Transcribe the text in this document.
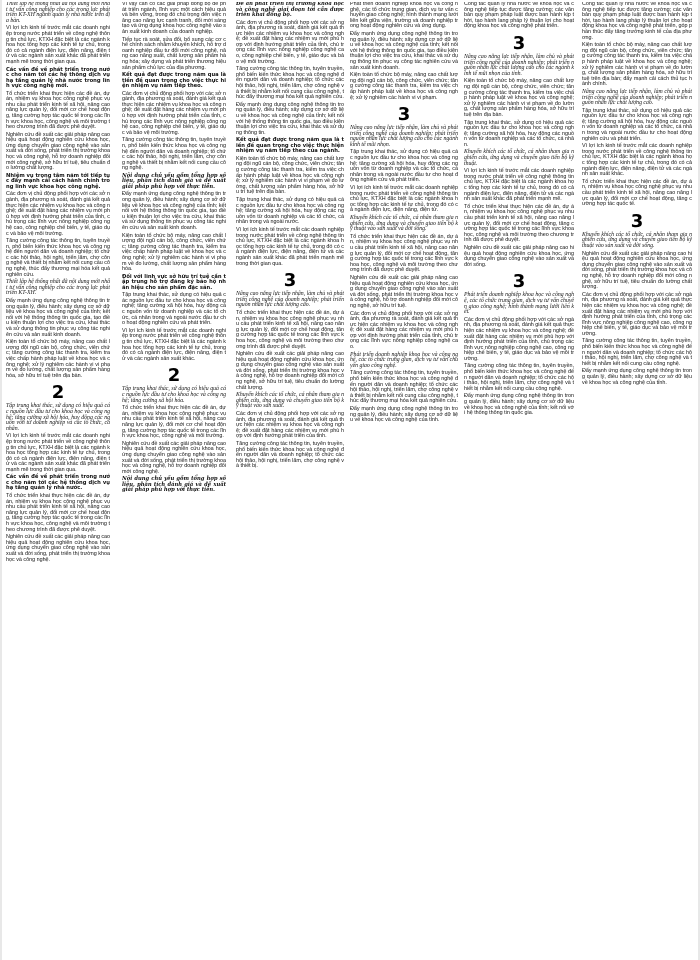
Thiết lập hệ thống nhất đã nội dung mới nhất tư vấn công nghiệp cho các trọng lực phát triển KT-XH ngành quản lý nhà nước trên địa bàn.

Vì lợi ích kinh tế trước mắt các doanh nghiệp trong nước phát triển về công nghệ thông tin chủ lực, KTXH đặc biệt là các ngành khoa học tổng hợp các kinh tế tự chủ, trong đó có cả ngành điện lực, điện năng, điện tử và các ngành sản xuất khác đã phát triển mạnh mẽ trong thời gian qua.

Các vấn đề về phát triển trong nước cho năm tới các hệ thống dịch vụ hạ tầng quản lý nhà nước trong lĩnh vực công nghệ mới.

Tổ chức triển khai thực hiện các đề án, dự án, nhiệm vụ khoa học công nghệ phục vụ nhu cầu phát triển kinh tế xã hội, nâng cao năng lực quản lý, đổi mới cơ chế hoạt động, tăng cường hợp tác quốc tế trong các lĩnh vực khoa học, công nghệ và môi trường theo chương trình đã được phê duyệt.

Nghiên cứu đề xuất các giải pháp nâng cao hiệu quả hoạt động nghiên cứu khoa học, ứng dụng chuyển giao công nghệ vào sản xuất và đời sống, phát triển thị trường khoa học và công nghệ, hỗ trợ doanh nghiệp đổi mới công nghệ, sở hữu trí tuệ, tiêu chuẩn đo lường chất lượng.

Nhiệm vụ trọng tâm năm tới tiếp tục đẩy mạnh cải cách hành chính trong lĩnh vực khoa học công nghệ.

Các đơn vị chủ động phối hợp với các sở ngành, địa phương rà soát, đánh giá kết quả thực hiện các nhiệm vụ khoa học và công nghệ; đề xuất đặt hàng các nhiệm vụ mới phù hợp với định hướng phát triển của tỉnh, chú trọng các lĩnh vực nông nghiệp công nghệ cao, công nghiệp chế biến, y tế, giáo dục và bảo vệ môi trường.

Tăng cường công tác thông tin, tuyên truyền, phổ biến kiến thức khoa học và công nghệ đến người dân và doanh nghiệp; tổ chức các hội thảo, hội nghị, triển lãm, chợ công nghệ và thiết bị nhằm kết nối cung cầu công nghệ, thúc đẩy thương mại hóa kết quả nghiên cứu.

Thiết lập hệ thống nhất đã nội dung mới nhất tư vấn công nghiệp cho các trọng lực phát triển KT-XH.

Đẩy mạnh ứng dụng công nghệ thông tin trong quản lý, điều hành; xây dựng cơ sở dữ liệu về khoa học và công nghệ của tỉnh; kết nối với hệ thống thông tin quốc gia, tạo điều kiện thuận lợi cho việc tra cứu, khai thác và sử dụng thông tin phục vụ công tác nghiên cứu và sản xuất kinh doanh.

Kiện toàn tổ chức bộ máy, nâng cao chất lượng đội ngũ cán bộ, công chức, viên chức; tăng cường công tác thanh tra, kiểm tra việc chấp hành pháp luật về khoa học và công nghệ; xử lý nghiêm các hành vi vi phạm về đo lường, chất lượng sản phẩm hàng hóa, sở hữu trí tuệ trên địa bàn.

2

Tập trung khai thác, sử dụng có hiệu quả các nguồn lực đầu tư cho khoa học và công nghệ; tăng cường xã hội hóa, huy động các nguồn vốn từ doanh nghiệp và các tổ chức, cá nhân.

Vì lợi ích kinh tế trước mắt các doanh nghiệp trong nước phát triển về công nghệ thông tin chủ lực, KTXH đặc biệt là các ngành khoa học tổng hợp các kinh tế tự chủ, trong đó có cả ngành điện lực, điện năng, điện tử và các ngành sản xuất khác đã phát triển mạnh mẽ trong thời gian qua.

Các vấn đề về phát triển trong nước cho năm tới các hệ thống dịch vụ hạ tầng quản lý nhà nước.

Tổ chức triển khai thực hiện các đề án, dự án, nhiệm vụ khoa học công nghệ phục vụ nhu cầu phát triển kinh tế xã hội, nâng cao năng lực quản lý, đổi mới cơ chế hoạt động, tăng cường hợp tác quốc tế trong các lĩnh vực khoa học, công nghệ và môi trường theo chương trình đã được phê duyệt.

Nghiên cứu đề xuất các giải pháp nâng cao hiệu quả hoạt động nghiên cứu khoa học, ứng dụng chuyển giao công nghệ vào sản xuất và đời sống, phát triển thị trường khoa học và công nghệ.

Vì vậy cần có các giải pháp đồng bộ để phát triển ngành, lĩnh vực một cách hiệu quả và bền vững, trong đó chú trọng đến việc nâng cao năng lực cạnh tranh, đổi mới sáng tạo và ứng dụng khoa học công nghệ vào sản xuất kinh doanh của doanh nghiệp.

Tiếp tục rà soát, sửa đổi, bổ sung các cơ chế chính sách nhằm khuyến khích, hỗ trợ doanh nghiệp đầu tư đổi mới công nghệ, nâng cao năng suất, chất lượng sản phẩm hàng hóa; xây dựng và phát triển thương hiệu sản phẩm chủ lực của địa phương.

Kết quả đạt được trong năm qua là tiền đề quan trọng cho việc thực hiện nhiệm vụ năm tiếp theo.

Các đơn vị chủ động phối hợp với các sở ngành, địa phương rà soát, đánh giá kết quả thực hiện các nhiệm vụ khoa học và công nghệ; đề xuất đặt hàng các nhiệm vụ mới phù hợp với định hướng phát triển của tỉnh, chú trọng các lĩnh vực nông nghiệp công nghệ cao, công nghiệp chế biến, y tế, giáo dục và bảo vệ môi trường.

Tăng cường công tác thông tin, tuyên truyền, phổ biến kiến thức khoa học và công nghệ đến người dân và doanh nghiệp; tổ chức các hội thảo, hội nghị, triển lãm, chợ công nghệ và thiết bị nhằm kết nối cung cầu công nghệ.

Nội dung chủ yếu gồm tổng hợp số liệu, phân tích đánh giá và đề xuất giải pháp phù hợp với thực tiễn.

Đẩy mạnh ứng dụng công nghệ thông tin trong quản lý, điều hành; xây dựng cơ sở dữ liệu về khoa học và công nghệ của tỉnh; kết nối với hệ thống thông tin quốc gia, tạo điều kiện thuận lợi cho việc tra cứu, khai thác và sử dụng thông tin phục vụ công tác nghiên cứu và sản xuất kinh doanh.

Kiện toàn tổ chức bộ máy, nâng cao chất lượng đội ngũ cán bộ, công chức, viên chức; tăng cường công tác thanh tra, kiểm tra việc chấp hành pháp luật về khoa học và công nghệ; xử lý nghiêm các hành vi vi phạm về đo lường, chất lượng sản phẩm hàng hóa.

Đối với lĩnh vực sở hữu trí tuệ cần tập trung hỗ trợ đăng ký bảo hộ nhãn hiệu cho sản phẩm đặc sản.

Tập trung khai thác, sử dụng có hiệu quả các nguồn lực đầu tư cho khoa học và công nghệ; tăng cường xã hội hóa, huy động các nguồn vốn từ doanh nghiệp và các tổ chức, cá nhân trong và ngoài nước đầu tư cho hoạt động nghiên cứu và phát triển.

Vì lợi ích kinh tế trước mắt các doanh nghiệp trong nước phát triển về công nghệ thông tin chủ lực, KTXH đặc biệt là các ngành khoa học tổng hợp các kinh tế tự chủ, trong đó có cả ngành điện lực, điện năng, điện tử và các ngành sản xuất khác.

2

Tập trung khai thác, sử dụng có hiệu quả các nguồn lực đầu tư cho khoa học và công nghệ; tăng cường xã hội hóa.

Tổ chức triển khai thực hiện các đề án, dự án, nhiệm vụ khoa học công nghệ phục vụ nhu cầu phát triển kinh tế xã hội, nâng cao năng lực quản lý, đổi mới cơ chế hoạt động, tăng cường hợp tác quốc tế trong các lĩnh vực khoa học, công nghệ và môi trường.

Nghiên cứu đề xuất các giải pháp nâng cao hiệu quả hoạt động nghiên cứu khoa học, ứng dụng chuyển giao công nghệ vào sản xuất và đời sống, phát triển thị trường khoa học và công nghệ, hỗ trợ doanh nghiệp đổi mới công nghệ.

Nội dung chủ yếu gồm tổng hợp số liệu, phân tích đánh giá và đề xuất giải pháp phù hợp với thực tiễn.

Đề án phát triển thị trường khoa học và công nghệ giai đoạn tới cần được triển khai đồng bộ.

Các đơn vị chủ động phối hợp với các sở ngành, địa phương rà soát, đánh giá kết quả thực hiện các nhiệm vụ khoa học và công nghệ; đề xuất đặt hàng các nhiệm vụ mới phù hợp với định hướng phát triển của tỉnh, chú trọng các lĩnh vực nông nghiệp công nghệ cao, công nghiệp chế biến, y tế, giáo dục và bảo vệ môi trường.

Tăng cường công tác thông tin, tuyên truyền, phổ biến kiến thức khoa học và công nghệ đến người dân và doanh nghiệp; tổ chức các hội thảo, hội nghị, triển lãm, chợ công nghệ và thiết bị nhằm kết nối cung cầu công nghệ, thúc đẩy thương mại hóa kết quả nghiên cứu.

Đẩy mạnh ứng dụng công nghệ thông tin trong quản lý, điều hành; xây dựng cơ sở dữ liệu về khoa học và công nghệ của tỉnh; kết nối với hệ thống thông tin quốc gia, tạo điều kiện thuận lợi cho việc tra cứu, khai thác và sử dụng thông tin.

Kết quả đạt được trong năm qua là tiền đề quan trọng cho việc thực hiện nhiệm vụ năm tiếp theo của ngành.

Kiện toàn tổ chức bộ máy, nâng cao chất lượng đội ngũ cán bộ, công chức, viên chức; tăng cường công tác thanh tra, kiểm tra việc chấp hành pháp luật về khoa học và công nghệ; xử lý nghiêm các hành vi vi phạm về đo lường, chất lượng sản phẩm hàng hóa, sở hữu trí tuệ trên địa bàn.

Tập trung khai thác, sử dụng có hiệu quả các nguồn lực đầu tư cho khoa học và công nghệ; tăng cường xã hội hóa, huy động các nguồn vốn từ doanh nghiệp và các tổ chức, cá nhân trong và ngoài nước.

Vì lợi ích kinh tế trước mắt các doanh nghiệp trong nước phát triển về công nghệ thông tin chủ lực, KTXH đặc biệt là các ngành khoa học tổng hợp các kinh tế tự chủ, trong đó có cả ngành điện lực, điện năng, điện tử và các ngành sản xuất khác đã phát triển mạnh mẽ trong thời gian qua.

3

Nâng cao năng lực tiếp nhận, làm chủ và phát triển công nghệ của doanh nghiệp; phát triển nguồn nhân lực chất lượng cao.

Tổ chức triển khai thực hiện các đề án, dự án, nhiệm vụ khoa học công nghệ phục vụ nhu cầu phát triển kinh tế xã hội, nâng cao năng lực quản lý, đổi mới cơ chế hoạt động, tăng cường hợp tác quốc tế trong các lĩnh vực khoa học, công nghệ và môi trường theo chương trình đã được phê duyệt.

Nghiên cứu đề xuất các giải pháp nâng cao hiệu quả hoạt động nghiên cứu khoa học, ứng dụng chuyển giao công nghệ vào sản xuất và đời sống, phát triển thị trường khoa học và công nghệ, hỗ trợ doanh nghiệp đổi mới công nghệ, sở hữu trí tuệ, tiêu chuẩn đo lường chất lượng.

Khuyến khích các tổ chức, cá nhân tham gia nghiên cứu, ứng dụng và chuyển giao tiến bộ kỹ thuật vào sản xuất.

Các đơn vị chủ động phối hợp với các sở ngành, địa phương rà soát, đánh giá kết quả thực hiện các nhiệm vụ khoa học và công nghệ; đề xuất đặt hàng các nhiệm vụ mới phù hợp với định hướng phát triển của tỉnh.

Tăng cường công tác thông tin, tuyên truyền, phổ biến kiến thức khoa học và công nghệ đến người dân và doanh nghiệp; tổ chức các hội thảo, hội nghị, triển lãm, chợ công nghệ và thiết bị.

Phát triển doanh nghiệp khoa học và công nghệ, các tổ chức trung gian, dịch vụ tư vấn chuyển giao công nghệ; hình thành mạng lưới liên kết giữa viện, trường và doanh nghiệp trong hoạt động nghiên cứu và ứng dụng.

Đẩy mạnh ứng dụng công nghệ thông tin trong quản lý, điều hành; xây dựng cơ sở dữ liệu về khoa học và công nghệ của tỉnh; kết nối với hệ thống thông tin quốc gia, tạo điều kiện thuận lợi cho việc tra cứu, khai thác và sử dụng thông tin phục vụ công tác nghiên cứu và sản xuất kinh doanh.

Kiện toàn tổ chức bộ máy, nâng cao chất lượng đội ngũ cán bộ, công chức, viên chức; tăng cường công tác thanh tra, kiểm tra việc chấp hành pháp luật về khoa học và công nghệ; xử lý nghiêm các hành vi vi phạm.

3

Nâng cao năng lực tiếp nhận, làm chủ và phát triển công nghệ của doanh nghiệp; phát triển nguồn nhân lực chất lượng cao cho các ngành kinh tế mũi nhọn.

Tập trung khai thác, sử dụng có hiệu quả các nguồn lực đầu tư cho khoa học và công nghệ; tăng cường xã hội hóa, huy động các nguồn vốn từ doanh nghiệp và các tổ chức, cá nhân trong và ngoài nước đầu tư cho hoạt động nghiên cứu và phát triển.

Vì lợi ích kinh tế trước mắt các doanh nghiệp trong nước phát triển về công nghệ thông tin chủ lực, KTXH đặc biệt là các ngành khoa học tổng hợp các kinh tế tự chủ, trong đó có cả ngành điện lực, điện năng, điện tử.

Khuyến khích các tổ chức, cá nhân tham gia nghiên cứu, ứng dụng và chuyển giao tiến bộ kỹ thuật vào sản xuất và đời sống.

Tổ chức triển khai thực hiện các đề án, dự án, nhiệm vụ khoa học công nghệ phục vụ nhu cầu phát triển kinh tế xã hội, nâng cao năng lực quản lý, đổi mới cơ chế hoạt động, tăng cường hợp tác quốc tế trong các lĩnh vực khoa học, công nghệ và môi trường theo chương trình đã được phê duyệt.

Nghiên cứu đề xuất các giải pháp nâng cao hiệu quả hoạt động nghiên cứu khoa học, ứng dụng chuyển giao công nghệ vào sản xuất và đời sống, phát triển thị trường khoa học và công nghệ, hỗ trợ doanh nghiệp đổi mới công nghệ, sở hữu trí tuệ.

Các đơn vị chủ động phối hợp với các sở ngành, địa phương rà soát, đánh giá kết quả thực hiện các nhiệm vụ khoa học và công nghệ; đề xuất đặt hàng các nhiệm vụ mới phù hợp với định hướng phát triển của tỉnh, chú trọng các lĩnh vực nông nghiệp công nghệ cao.

Phát triển doanh nghiệp khoa học và công nghệ, các tổ chức trung gian, dịch vụ tư vấn chuyển giao công nghệ.

Tăng cường công tác thông tin, tuyên truyền, phổ biến kiến thức khoa học và công nghệ đến người dân và doanh nghiệp; tổ chức các hội thảo, hội nghị, triển lãm, chợ công nghệ và thiết bị nhằm kết nối cung cầu công nghệ, thúc đẩy thương mại hóa kết quả nghiên cứu.

Đẩy mạnh ứng dụng công nghệ thông tin trong quản lý, điều hành; xây dựng cơ sở dữ liệu về khoa học và công nghệ của tỉnh.

Công tác quản lý nhà nước về khoa học và công nghệ tiếp tục được tăng cường; các văn bản quy phạm pháp luật được ban hành kịp thời, tạo hành lang pháp lý thuận lợi cho hoạt động khoa học và công nghệ phát triển.

3

Nâng cao năng lực tiếp nhận, làm chủ và phát triển công nghệ của doanh nghiệp; phát triển nguồn nhân lực chất lượng cao cho các ngành kinh tế mũi nhọn của tỉnh.

Kiện toàn tổ chức bộ máy, nâng cao chất lượng đội ngũ cán bộ, công chức, viên chức; tăng cường công tác thanh tra, kiểm tra việc chấp hành pháp luật về khoa học và công nghệ; xử lý nghiêm các hành vi vi phạm về đo lường, chất lượng sản phẩm hàng hóa, sở hữu trí tuệ trên địa bàn.

Tập trung khai thác, sử dụng có hiệu quả các nguồn lực đầu tư cho khoa học và công nghệ; tăng cường xã hội hóa, huy động các nguồn vốn từ doanh nghiệp và các tổ chức, cá nhân.

Khuyến khích các tổ chức, cá nhân tham gia nghiên cứu, ứng dụng và chuyển giao tiến bộ kỹ thuật.

Vì lợi ích kinh tế trước mắt các doanh nghiệp trong nước phát triển về công nghệ thông tin chủ lực, KTXH đặc biệt là các ngành khoa học tổng hợp các kinh tế tự chủ, trong đó có cả ngành điện lực, điện năng, điện tử và các ngành sản xuất khác đã phát triển mạnh mẽ.

Tổ chức triển khai thực hiện các đề án, dự án, nhiệm vụ khoa học công nghệ phục vụ nhu cầu phát triển kinh tế xã hội, nâng cao năng lực quản lý, đổi mới cơ chế hoạt động, tăng cường hợp tác quốc tế trong các lĩnh vực khoa học, công nghệ và môi trường theo chương trình đã được phê duyệt.

Nghiên cứu đề xuất các giải pháp nâng cao hiệu quả hoạt động nghiên cứu khoa học, ứng dụng chuyển giao công nghệ vào sản xuất và đời sống.

3

Phát triển doanh nghiệp khoa học và công nghệ, các tổ chức trung gian, dịch vụ tư vấn chuyển giao công nghệ; hình thành mạng lưới liên kết.

Các đơn vị chủ động phối hợp với các sở ngành, địa phương rà soát, đánh giá kết quả thực hiện các nhiệm vụ khoa học và công nghệ; đề xuất đặt hàng các nhiệm vụ mới phù hợp với định hướng phát triển của tỉnh, chú trọng các lĩnh vực nông nghiệp công nghệ cao, công nghiệp chế biến, y tế, giáo dục và bảo vệ môi trường.

Tăng cường công tác thông tin, tuyên truyền, phổ biến kiến thức khoa học và công nghệ đến người dân và doanh nghiệp; tổ chức các hội thảo, hội nghị, triển lãm, chợ công nghệ và thiết bị nhằm kết nối cung cầu công nghệ.

Đẩy mạnh ứng dụng công nghệ thông tin trong quản lý, điều hành; xây dựng cơ sở dữ liệu về khoa học và công nghệ của tỉnh; kết nối với hệ thống thông tin quốc gia.

Công tác quản lý nhà nước về khoa học và công nghệ tiếp tục được tăng cường; các văn bản quy phạm pháp luật được ban hành kịp thời, tạo hành lang pháp lý thuận lợi cho hoạt động khoa học và công nghệ phát triển, góp phần thúc đẩy tăng trưởng kinh tế của địa phương.

Kiện toàn tổ chức bộ máy, nâng cao chất lượng đội ngũ cán bộ, công chức, viên chức; tăng cường công tác thanh tra, kiểm tra việc chấp hành pháp luật về khoa học và công nghệ; xử lý nghiêm các hành vi vi phạm về đo lường, chất lượng sản phẩm hàng hóa, sở hữu trí tuệ trên địa bàn; đẩy mạnh cải cách thủ tục hành chính.

Nâng cao năng lực tiếp nhận, làm chủ và phát triển công nghệ của doanh nghiệp; phát triển nguồn nhân lực chất lượng cao.

Tập trung khai thác, sử dụng có hiệu quả các nguồn lực đầu tư cho khoa học và công nghệ; tăng cường xã hội hóa, huy động các nguồn vốn từ doanh nghiệp và các tổ chức, cá nhân trong và ngoài nước đầu tư cho hoạt động nghiên cứu và phát triển.

Vì lợi ích kinh tế trước mắt các doanh nghiệp trong nước phát triển về công nghệ thông tin chủ lực, KTXH đặc biệt là các ngành khoa học tổng hợp các kinh tế tự chủ, trong đó có cả ngành điện lực, điện năng, điện tử và các ngành sản xuất khác.

Tổ chức triển khai thực hiện các đề án, dự án, nhiệm vụ khoa học công nghệ phục vụ nhu cầu phát triển kinh tế xã hội, nâng cao năng lực quản lý, đổi mới cơ chế hoạt động, tăng cường hợp tác quốc tế.

3

Khuyến khích các tổ chức, cá nhân tham gia nghiên cứu, ứng dụng và chuyển giao tiến bộ kỹ thuật vào sản xuất và đời sống.

Nghiên cứu đề xuất các giải pháp nâng cao hiệu quả hoạt động nghiên cứu khoa học, ứng dụng chuyển giao công nghệ vào sản xuất và đời sống, phát triển thị trường khoa học và công nghệ, hỗ trợ doanh nghiệp đổi mới công nghệ, sở hữu trí tuệ, tiêu chuẩn đo lường chất lượng.

Các đơn vị chủ động phối hợp với các sở ngành, địa phương rà soát, đánh giá kết quả thực hiện các nhiệm vụ khoa học và công nghệ; đề xuất đặt hàng các nhiệm vụ mới phù hợp với định hướng phát triển của tỉnh, chú trọng các lĩnh vực nông nghiệp công nghệ cao, công nghiệp chế biến, y tế, giáo dục và bảo vệ môi trường.

Tăng cường công tác thông tin, tuyên truyền, phổ biến kiến thức khoa học và công nghệ đến người dân và doanh nghiệp; tổ chức các hội thảo, hội nghị, triển lãm, chợ công nghệ và thiết bị nhằm kết nối cung cầu công nghệ.

Đẩy mạnh ứng dụng công nghệ thông tin trong quản lý, điều hành; xây dựng cơ sở dữ liệu về khoa học và công nghệ của tỉnh.
